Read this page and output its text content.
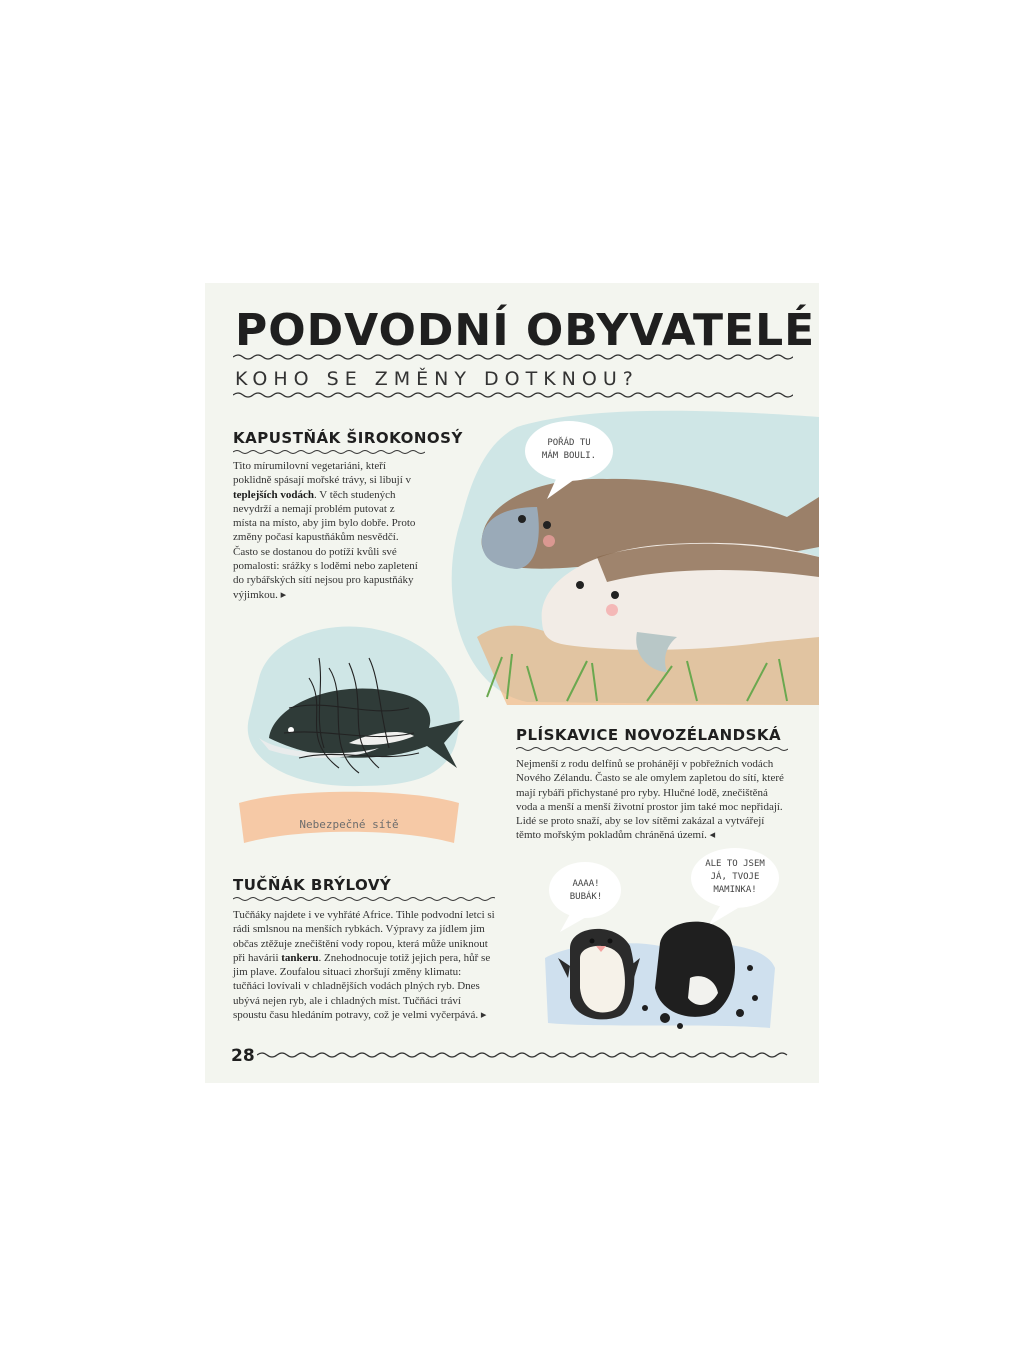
PODVODNÍ OBYVATELÉ
KOHO SE ZMĚNY DOTKNOU?
KAPUSTŇÁK ŠIROKONOSÝ

Tito mírumilovní vegetariáni, kteří poklidně spásají mořské trávy, si libují v teplejších vodách. V těch studených nevydrží a nemají problém putovat z místa na místo, aby jim bylo dobře. Proto změny počasí kapustňákům nesvědčí. Často se dostanou do potíží kvůli své pomalosti: srážky s loděmi nebo zapletení do rybářských sítí nejsou pro kapustňáky výjimkou. ▸

POŘÁD TU
MÁM BOULI.
Nebezpečné sítě
PLÍSKAVICE NOVOZÉLANDSKÁ

Nejmenší z rodu delfínů se prohánějí v pobřežních vodách Nového Zélandu. Často se ale omylem zapletou do sítí, které mají rybáři přichystané pro ryby. Hlučné lodě, znečištěná voda a menší a menší životní prostor jim také moc nepřidají. Lidé se proto snaží, aby se lov sítěmi zakázal a vytvářejí těmto mořským pokladům chráněná území. ◂

TUČŇÁK BRÝLOVÝ

Tučňáky najdete i ve vyhřáté Africe. Tihle podvodní letci si rádi smlsnou na menších rybkách. Výpravy za jídlem jim občas ztěžuje znečištění vody ropou, která může uniknout při havárii tankeru. Znehodnocuje totiž jejich pera, hůř se jim plave. Zoufalou situaci zhoršují změny klimatu: tučňáci lovívali v chladnějších vodách plných ryb. Dnes ubývá nejen ryb, ale i chladných míst. Tučňáci tráví spoustu času hledáním potravy, což je velmi vyčerpává. ▸

AAAA!
BUBÁK!
ALE TO JSEM
JÁ, TVOJE
MAMINKA!
28
